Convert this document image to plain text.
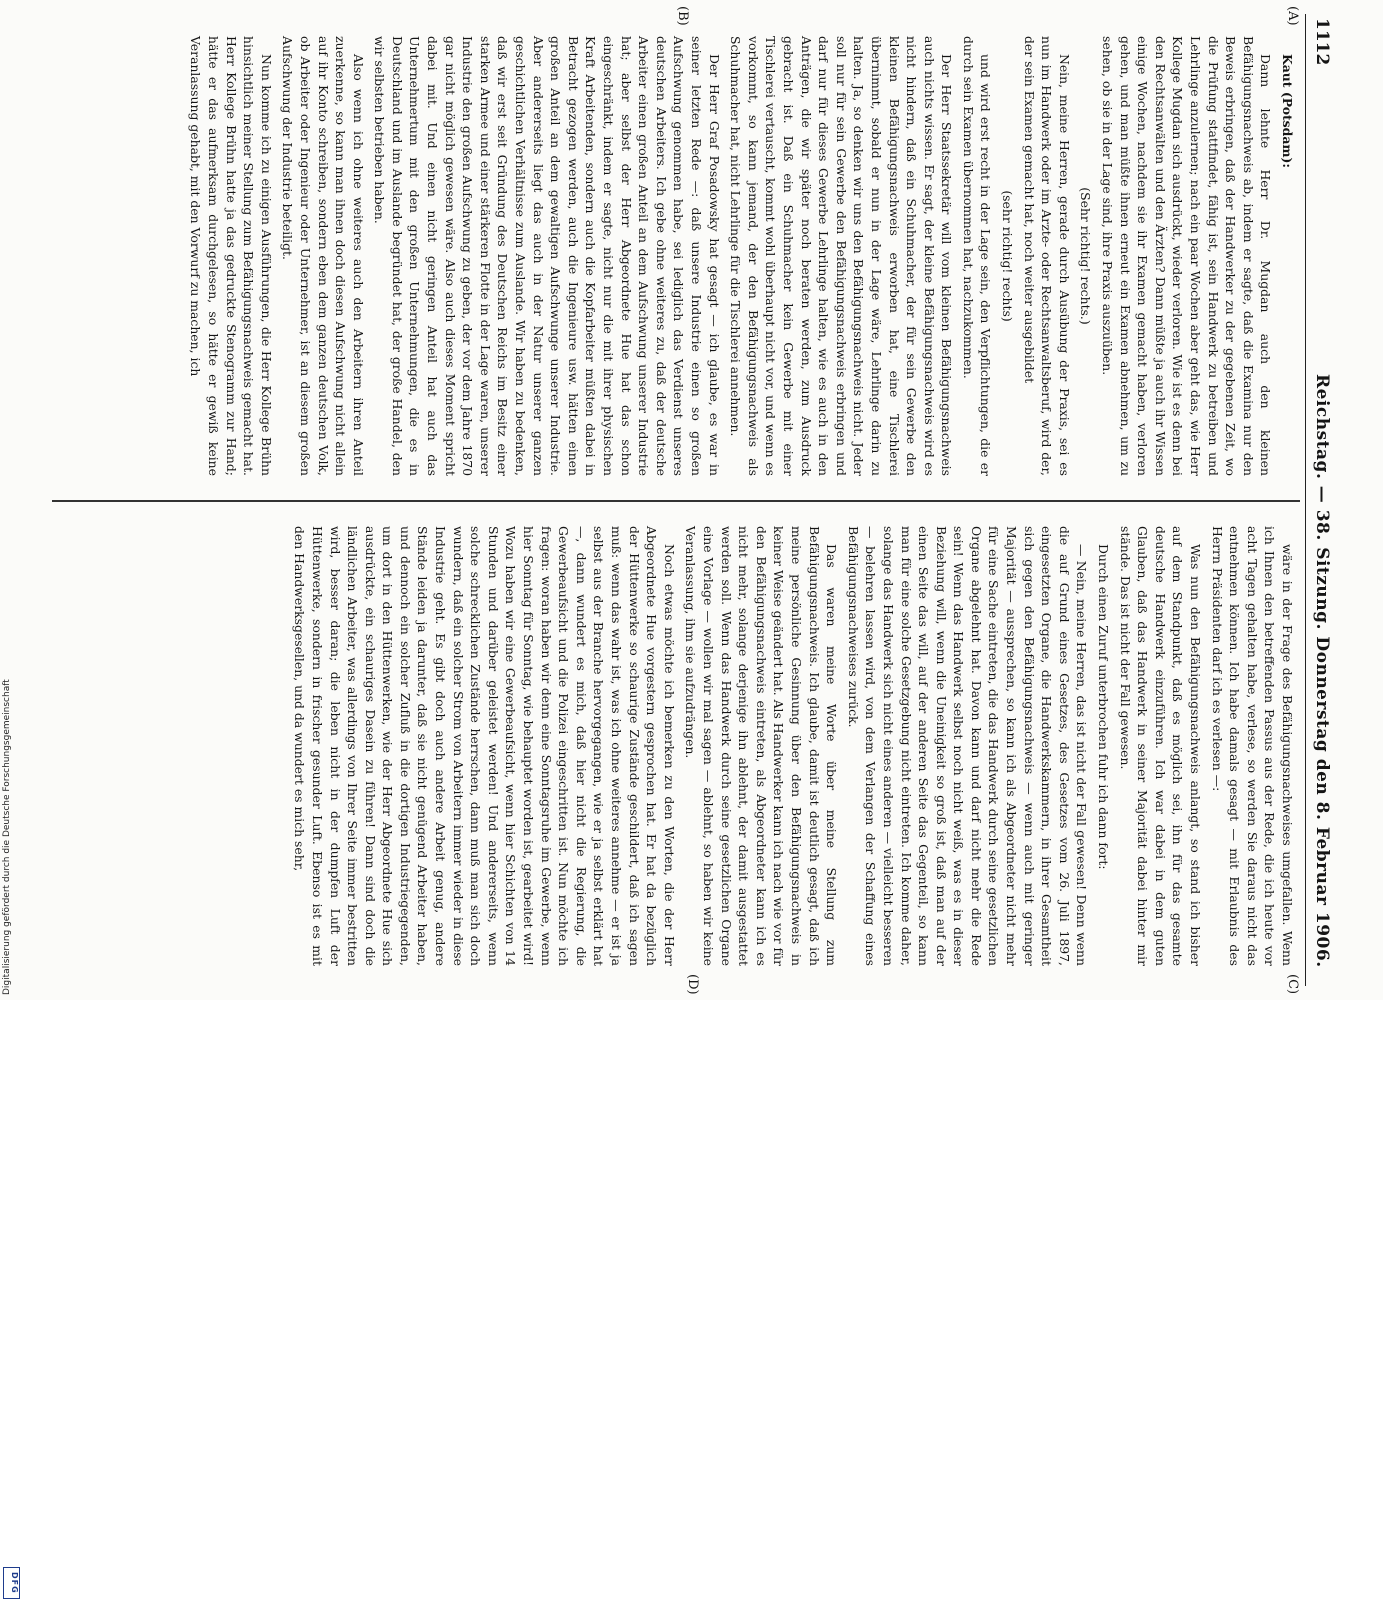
1112
Reichstag. — 38. Sitzung. Donnerstag den 8. Februar 1906.
(A)
(B)
(C)
(D)

Kaut (Potsdam):

Dann lehnte Herr Dr. Mugdan auch den kleinen Befähigungsnachweis ab, indem er sagte, daß die Examina nur den Beweis erbringen, daß der Handwerker zu der gegebenen Zeit, wo die Prüfung stattfindet, fähig ist, sein Handwerk zu betreiben und Lehrlinge anzulernen; nach ein paar Wochen aber geht das, wie Herr Kollege Mugdan sich ausdrückt, wieder verloren. Wie ist es denn bei den Rechtsanwälten und den Ärzten? Dann müßte ja auch ihr Wissen einige Wochen, nachdem sie ihr Examen gemacht haben, verloren gehen, und man müßte ihnen erneut ein Examen abnehmen, um zu sehen, ob sie in der Lage sind, ihre Praxis auszuüben.

(Sehr richtig! rechts.)

Nein, meine Herren, gerade durch Ausübung der Praxis, sei es nun im Handwerk oder im Arzte- oder Rechtsanwaltsberuf, wird der, der sein Examen gemacht hat, noch weiter ausgebildet

(sehr richtig! rechts)

und wird erst recht in der Lage sein, den Verpflichtungen, die er durch sein Examen übernommen hat, nachzukommen.

Der Herr Staatssekretär will vom kleinen Befähigungsnachweis auch nichts wissen. Er sagt, der kleine Befähigungsnachweis wird es nicht hindern, daß ein Schuhmacher, der für sein Gewerbe den kleinen Befähigungsnachweis erworben hat, eine Tischlerei übernimmt, sobald er nun in der Lage wäre, Lehrlinge darin zu halten. Ja, so denken wir uns den Befähigungsnachweis nicht. Jeder soll nur für sein Gewerbe den Befähigungsnachweis erbringen und darf nur für dieses Gewerbe Lehrlinge halten, wie es auch in den Anträgen, die wir später noch beraten werden, zum Ausdruck gebracht ist. Daß ein Schuhmacher kein Gewerbe mit einer Tischlerei vertauscht, kommt wohl überhaupt nicht vor, und wenn es vorkommt, so kann jemand, der den Befähigungsnachweis als Schuhmacher hat, nicht Lehrlinge für die Tischlerei annehmen.

Der Herr Graf Posadowsky hat gesagt — ich glaube, es war in seiner letzten Rede —: daß unsere Industrie einen so großen Aufschwung genommen habe, sei lediglich das Verdienst unseres deutschen Arbeiters. Ich gebe ohne weiteres zu, daß der deutsche Arbeiter einen großen Anteil an dem Aufschwung unserer Industrie hat; aber selbst der Herr Abgeordnete Hue hat das schon eingeschränkt, indem er sagte, nicht nur die mit ihrer physischen Kraft Arbeitenden, sondern auch die Kopfarbeiter müßten dabei in Betracht gezogen werden, auch die Ingenieure usw. hätten einen großen Anteil an dem gewaltigen Aufschwunge unserer Industrie. Aber andererseits liegt das auch in der Natur unserer ganzen geschichtlichen Verhältnisse zum Auslande. Wir haben zu bedenken, daß wir erst seit Gründung des Deutschen Reichs im Besitz einer starken Armee und einer stärkeren Flotte in der Lage waren, unserer Industrie den großen Aufschwung zu geben, der vor dem Jahre 1870 gar nicht möglich gewesen wäre. Also auch dieses Moment spricht dabei mit. Und einen nicht geringen Anteil hat auch das Unternehmertum mit den großen Unternehmungen, die es in Deutschland und im Auslande begründet hat, der große Handel, den wir selbsten betrieben haben.

Also wenn ich ohne weiteres auch den Arbeitern ihren Anteil zuerkenne, so kann man ihnen doch diesen Aufschwung nicht allein auf ihr Konto schreiben, sondern eben dem ganzen deutschen Volk, ob Arbeiter oder Ingenieur oder Unternehmer, ist an diesem großen Aufschwung der Industrie beteiligt.

Nun komme ich zu einigen Ausführungen, die Herr Kollege Brühn hinsichtlich meiner Stellung zum Befähigungsnachweis gemacht hat. Herr Kollege Brühn hatte ja das gedruckte Stenogramm zur Hand; hätte er das aufmerksam durchgelesen, so hätte er gewiß keine Veranlassung gehabt, mit den Vorwurf zu machen, ich

wäre in der Frage des Befähigungsnachweises umgefallen. Wenn ich Ihnen den betreffenden Passus aus der Rede, die ich heute vor acht Tagen gehalten habe, verlese, so werden Sie daraus nicht das entnehmen können. Ich habe damals gesagt — mit Erlaubnis des Herrn Präsidenten darf ich es verlesen —:

Was nun den Befähigungsnachweis anlangt, so stand ich bisher auf dem Standpunkt, daß es möglich sei, ihn für das gesamte deutsche Handwerk einzuführen. Ich war dabei in dem guten Glauben, daß das Handwerk in seiner Majorität dabei hinter mir stände. Das ist nicht der Fall gewesen.

Durch einen Zuruf unterbrochen fuhr ich dann fort:

— Nein, meine Herren, das ist nicht der Fall gewesen! Denn wenn die auf Grund eines Gesetzes, des Gesetzes vom 26. Juli 1897, eingesetzten Organe, die Handwerkskammern, in ihrer Gesamtheit sich gegen den Befähigungsnachweis — wenn auch mit geringer Majorität — aussprechen, so kann ich als Abgeordneter nicht mehr für eine Sache eintreten, die das Handwerk durch seine gesetzlichen Organe abgelehnt hat. Davon kann und darf nicht mehr die Rede sein! Wenn das Handwerk selbst noch nicht weiß, was es in dieser Beziehung will, wenn die Uneinigkeit so groß ist, daß man auf der einen Seite das will, auf der anderen Seite das Gegenteil, so kann man für eine solche Gesetzgebung nicht eintreten. Ich komme daher, solange das Handwerk sich nicht eines anderen — vielleicht besseren — belehren lassen wird, von dem Verlangen der Schaffung eines Befähigungsnachweises zurück.

Das waren meine Worte über meine Stellung zum Befähigungsnachweis. Ich glaube, damit ist deutlich gesagt, daß ich meine persönliche Gesinnung über den Befähigungsnachweis in keiner Weise geändert hat. Als Handwerker kann ich nach wie vor für den Befähigungsnachweis eintreten, als Abgeordneter kann ich es nicht mehr, solange derjenige ihn ablehnt, der damit ausgestattet werden soll. Wenn das Handwerk durch seine gesetzlichen Organe eine Vorlage — wollen wir mal sagen — ablehnt, so haben wir keine Veranlassung, ihm sie aufzudrängen.

Noch etwas möchte ich bemerken zu den Worten, die der Herr Abgeordnete Hue vorgestern gesprochen hat. Er hat da bezüglich der Hüttenwerke so schaurige Zustände geschildert, daß ich sagen muß: wenn das wahr ist, was ich ohne weiteres annehme — er ist ja selbst aus der Branche hervorgegangen, wie er ja selbst erklärt hat —, dann wundert es mich, daß hier nicht die Regierung, die Gewerbeaufsicht und die Polizei eingeschritten ist. Nun möchte ich fragen: woran haben wir denn eine Sonntagsruhe im Gewerbe, wenn hier Sonntag für Sonntag, wie behauptet worden ist, gearbeitet wird! Wozu haben wir eine Gewerbeaufsicht, wenn hier Schichten von 14 Stunden und darüber geleistet werden! Und andererseits, wenn solche schrecklichen Zustände herrschen, dann muß man sich doch wundern, daß ein solcher Strom von Arbeitern immer wieder in diese Industrie geht. Es gibt doch auch andere Arbeit genug, andere Stände leiden ja darunter, daß sie nicht genügend Arbeiter haben, und dennoch ein solcher Zufluß in die dortigen Industriegegenden, um dort in den Hüttenwerken, wie der Herr Abgeordnete Hue sich ausdrückte, ein schauriges Dasein zu führen! Dann sind doch die ländlichen Arbeiter, was allerdings von Ihrer Seite immer bestritten wird, besser daran; die leben nicht in der dumpfen Luft der Hüttenwerke, sondern in frischer gesunder Luft. Ebenso ist es mit den Handwerksgesellen, und da wundert es mich sehr,

Digitalisierung gefördert durch die Deutsche Forschungsgemeinschaft
DFG
